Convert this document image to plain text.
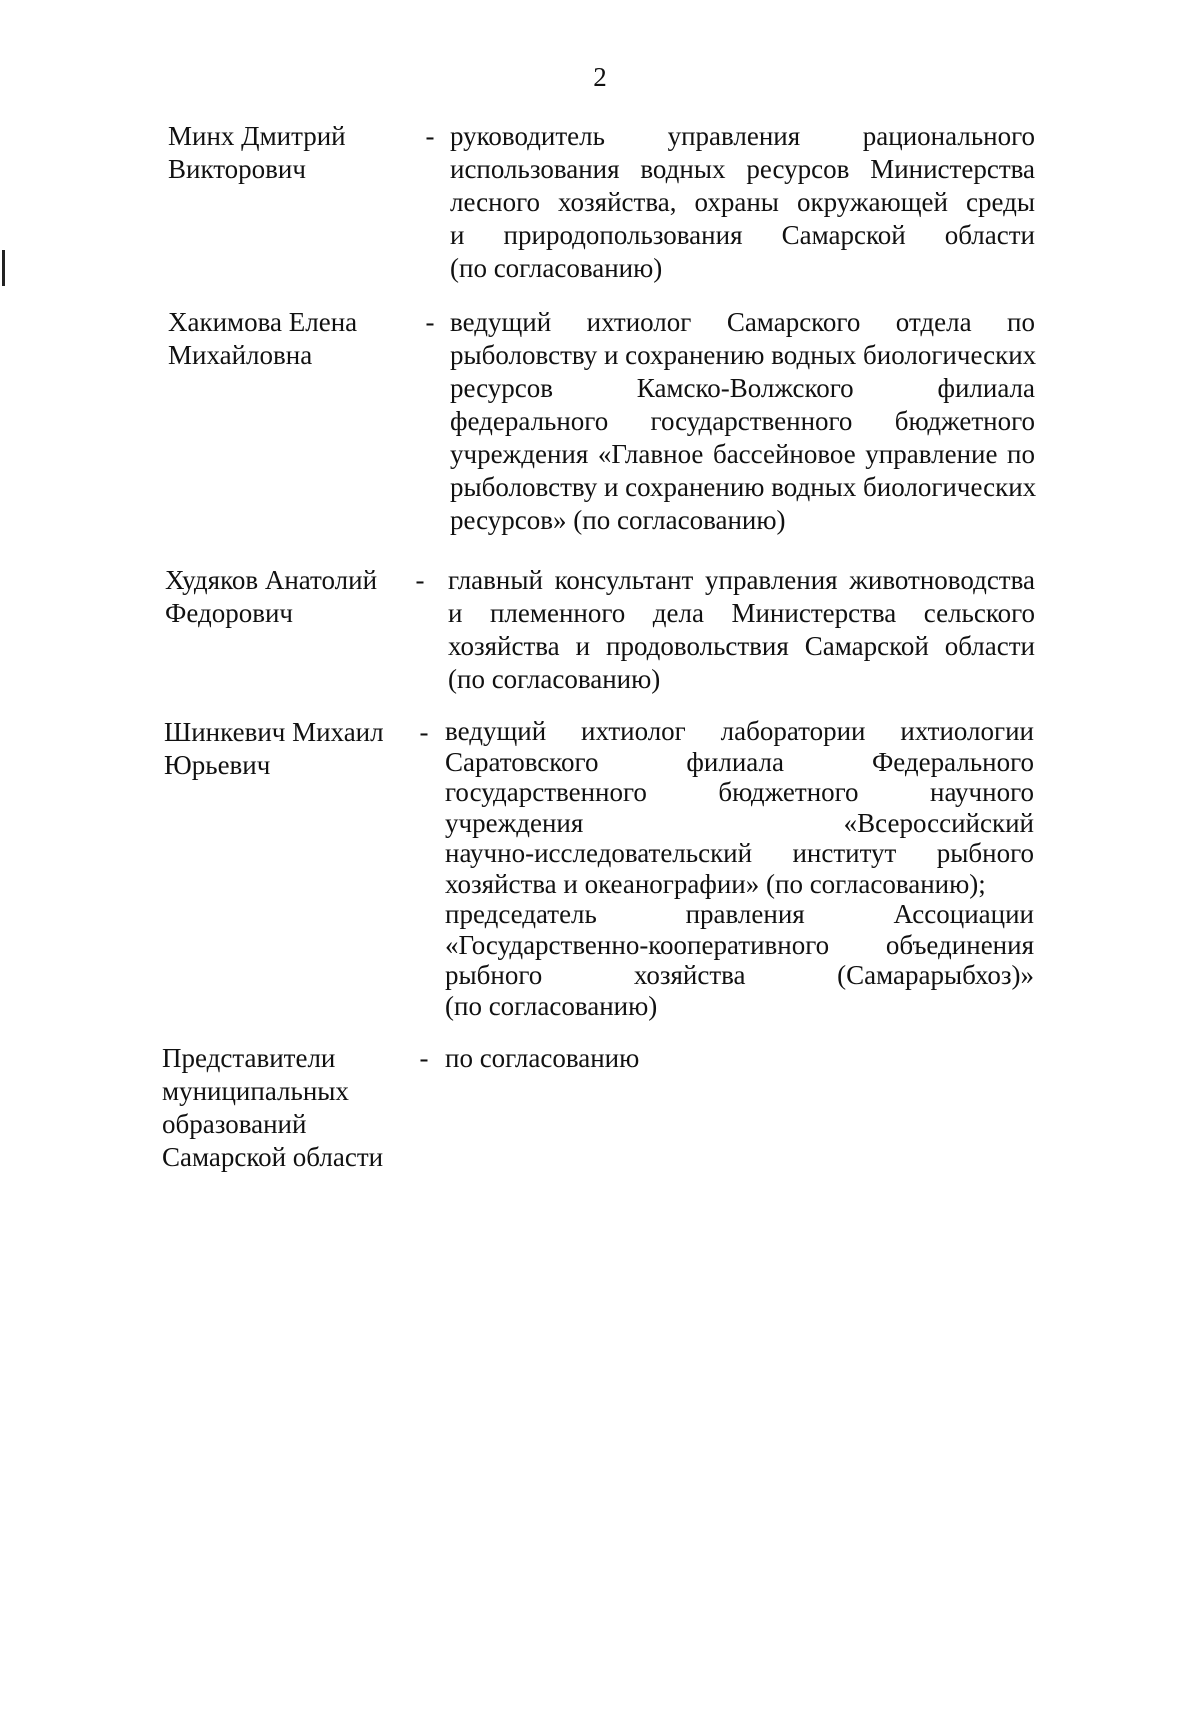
2
Минх Дмитрий
Викторович
- руководитель управления рационального
использования водных ресурсов Министерства
лесного хозяйства, охраны окружающей среды
и природопользования Самарской области
(по согласованию)
Хакимова Елена
Михайловна
- ведущий ихтиолог Самарского отдела по
рыболовству и сохранению водных биологических
ресурсов Камско-Волжского филиала
федерального государственного бюджетного
учреждения «Главное бассейновое управление по
рыболовству и сохранению водных биологических
ресурсов» (по согласованию)
Худяков Анатолий
Федорович
- главный консультант управления животноводства
и племенного дела Министерства сельского
хозяйства и продовольствия Самарской области
(по согласованию)
Шинкевич Михаил
Юрьевич
- ведущий ихтиолог лаборатории ихтиологии
Саратовского филиала Федерального
государственного бюджетного научного
учреждения «Всероссийский
научно-исследовательский институт рыбного
хозяйства и океанографии» (по согласованию);
председатель правления Ассоциации
«Государственно-кооперативного объединения
рыбного хозяйства (Самарарыбхоз)»
(по согласованию)
Представители
муниципальных
образований
Самарской области
- по согласованию
